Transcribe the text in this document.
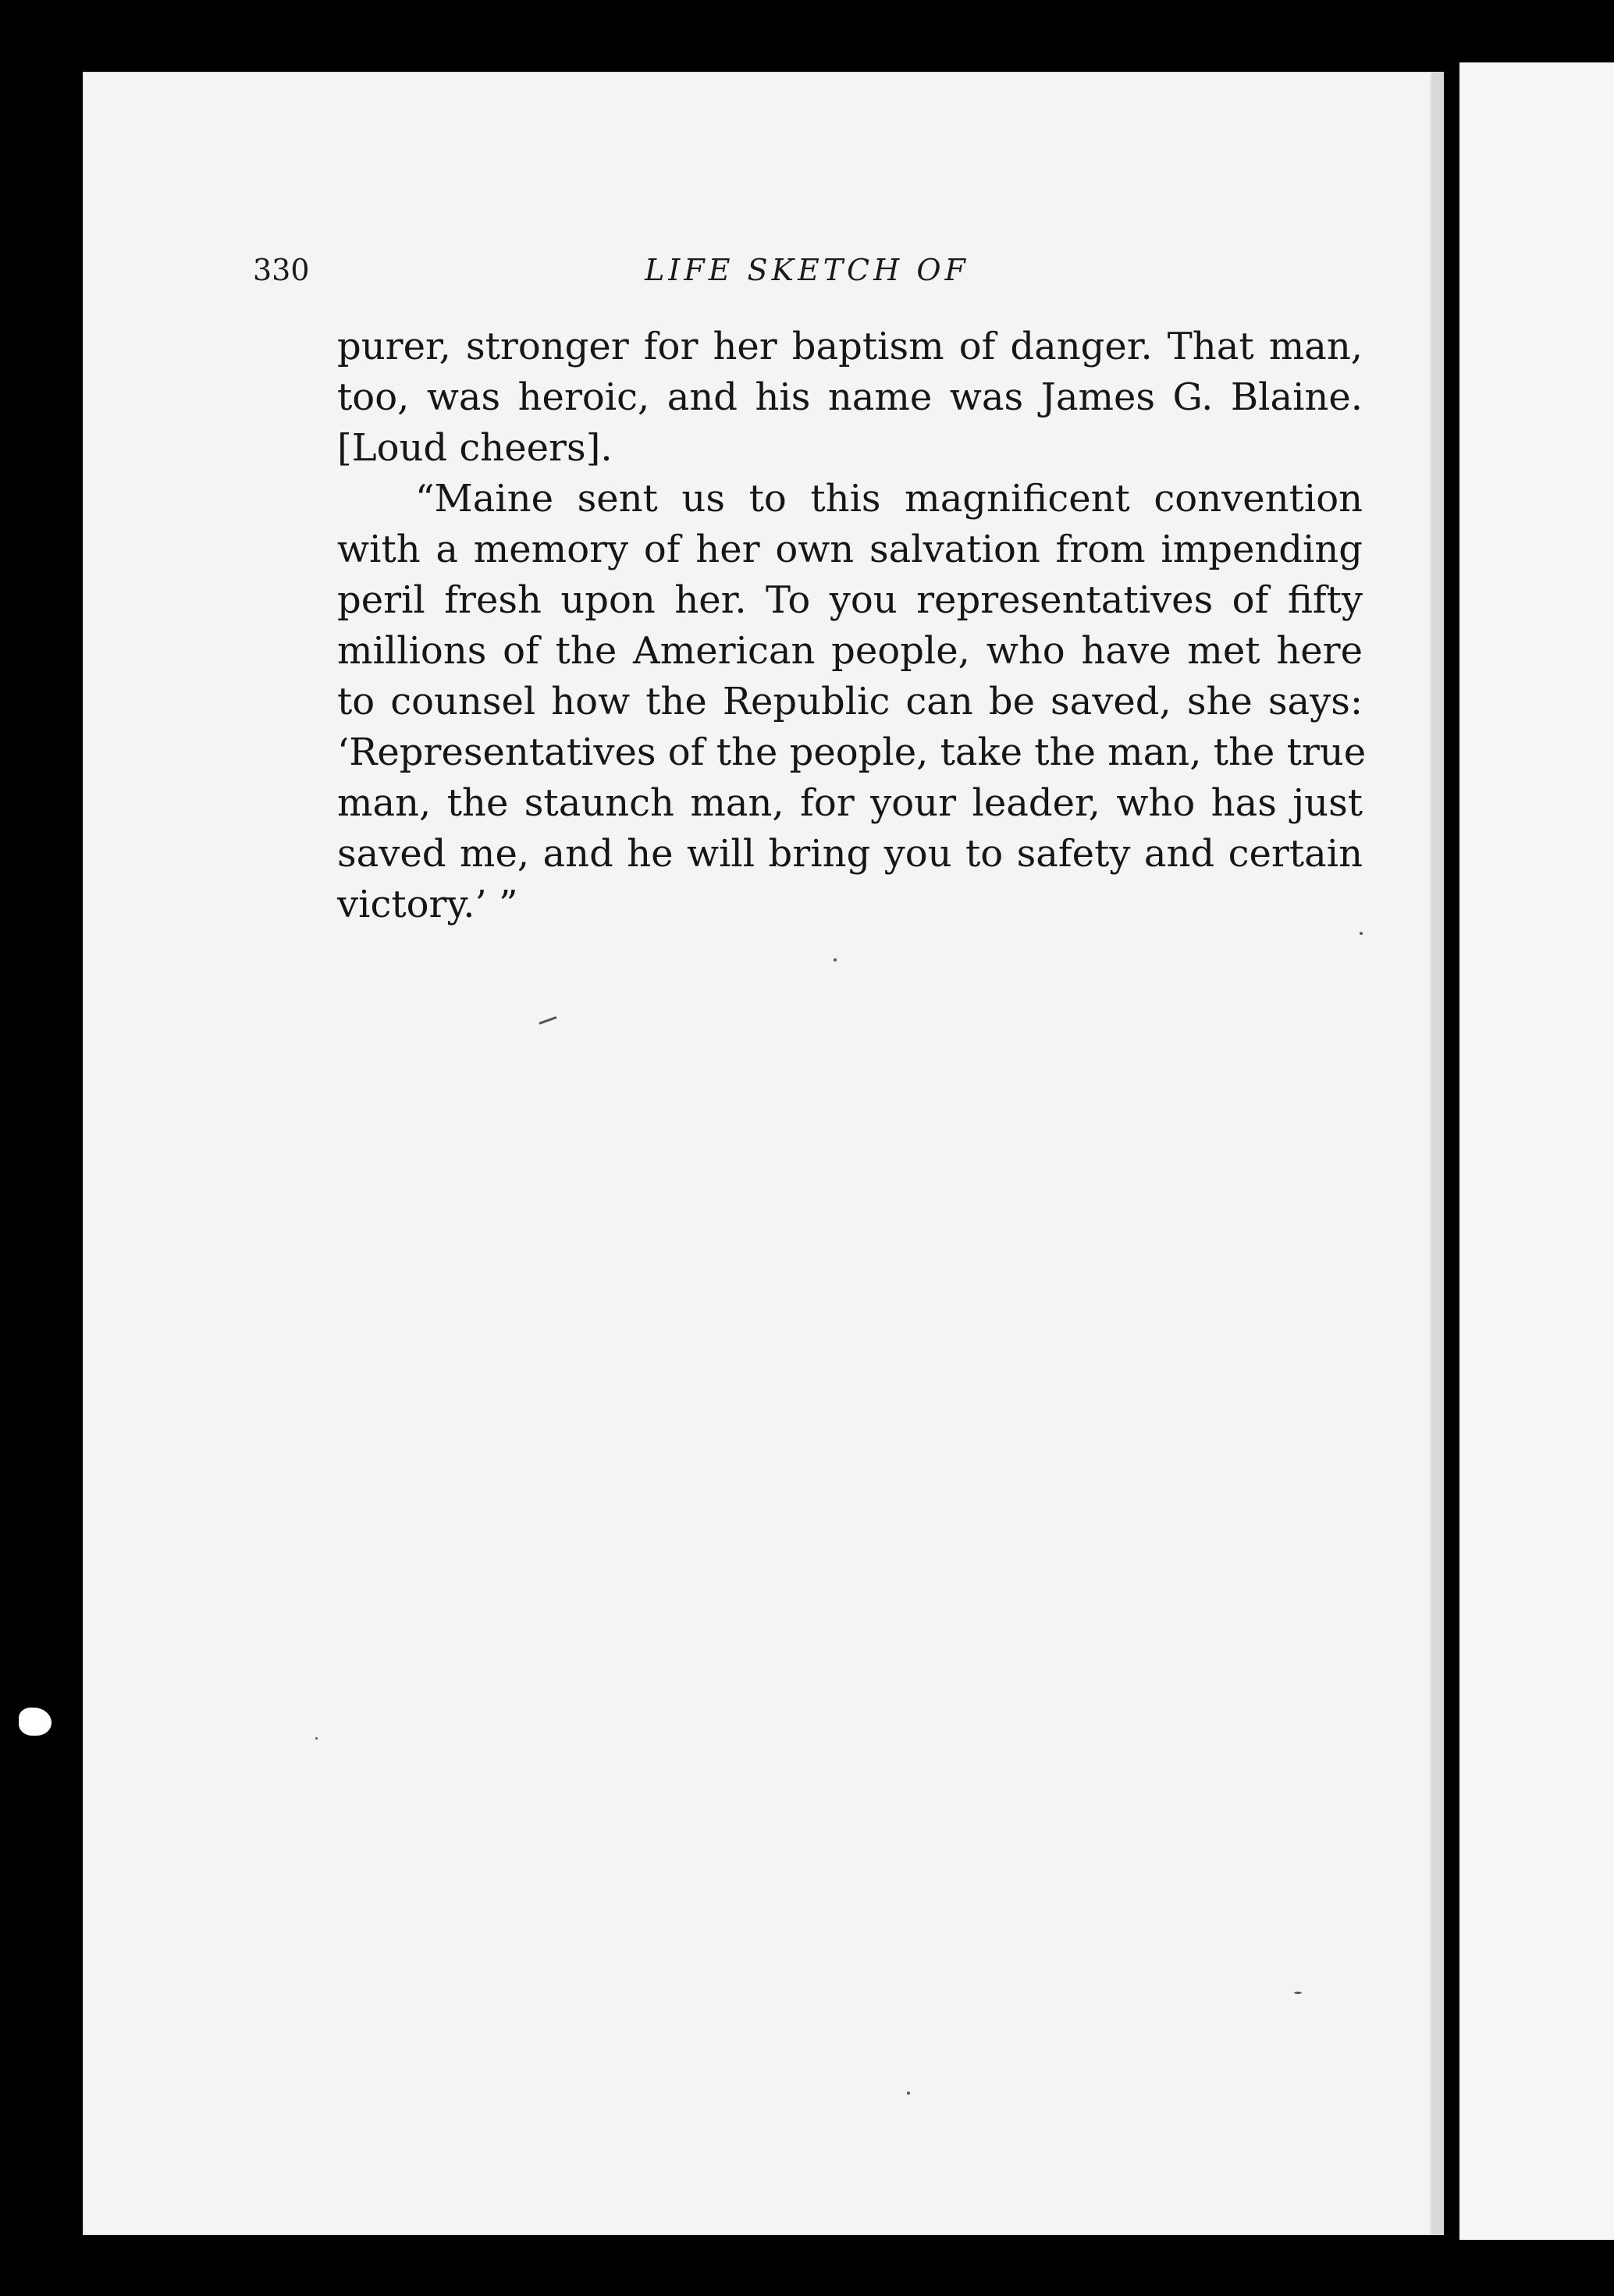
330	LIFE SKETCH OF
purer, stronger for her baptism of danger. That man,
too, was heroic, and his name was James G. Blaine.
[Loud cheers].
“Maine sent us to this magnificent convention
with a memory of her own salvation from impending
peril fresh upon her. To you representatives of fifty
millions of the American people, who have met here
to counsel how the Republic can be saved, she says:
‘Representatives of the people, take the man, the true
man, the staunch man, for your leader, who has just
saved me, and he will bring you to safety and certain
victory.’ ”
